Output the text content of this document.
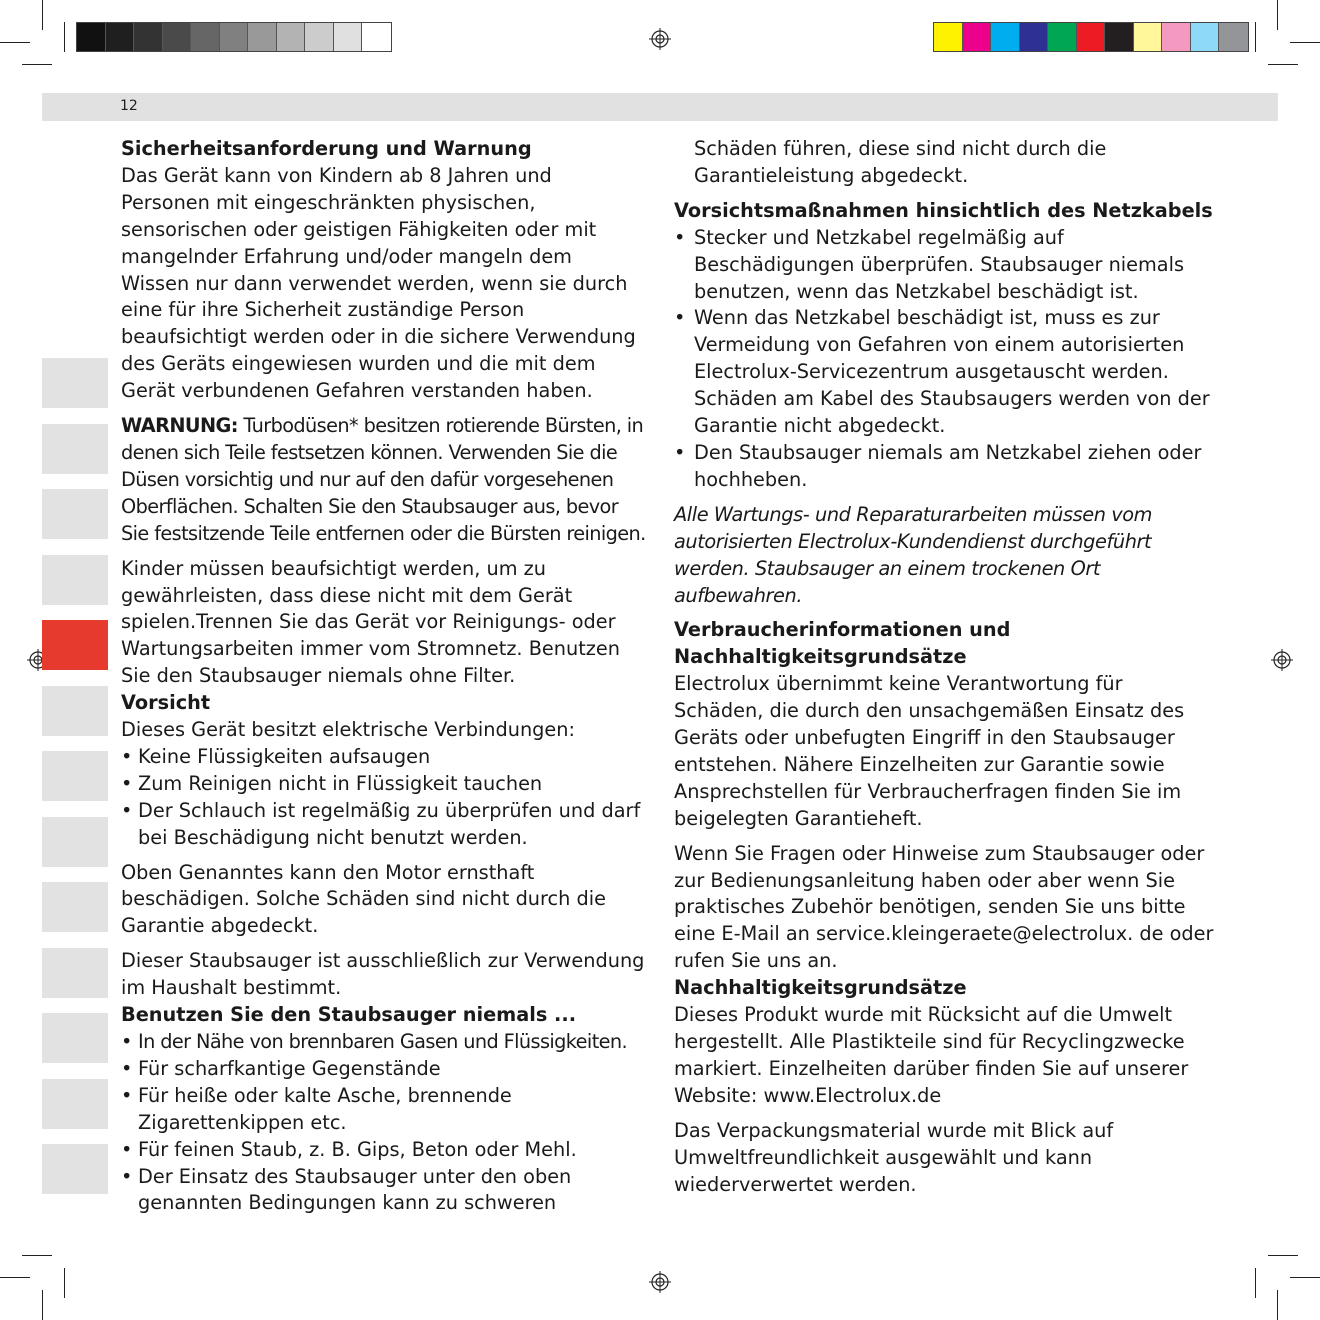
12

Sicherheitsanforderung und Warnung

Das Gerät kann von Kindern ab 8 Jahren und Personen mit eingeschränkten physischen, sensorischen oder geistigen Fähigkeiten oder mit mangelnder Erfahrung und/oder mangeln dem Wissen nur dann verwendet werden, wenn sie durch eine für ihre Sicherheit zuständige Person beaufsichtigt werden oder in die sichere Verwendung des Geräts eingewiesen wurden und die mit dem Gerät verbundenen Gefahren verstanden haben.

WARNUNG: Turbodüsen* besitzen rotierende Bürsten, in denen sich Teile festsetzen können. Verwenden Sie die Düsen vorsichtig und nur auf den dafür vorgesehenen Oberflächen. Schalten Sie den Staubsauger aus, bevor Sie festsitzende Teile entfernen oder die Bürsten reinigen.

Kinder müssen beaufsichtigt werden, um zu gewährleisten, dass diese nicht mit dem Gerät spielen.Trennen Sie das Gerät vor Reinigungs- oder Wartungsarbeiten immer vom Stromnetz. Benutzen Sie den Staubsauger niemals ohne Filter.

Vorsicht

Dieses Gerät besitzt elektrische Verbindungen:

• Keine Flüssigkeiten aufsaugen
• Zum Reinigen nicht in Flüssigkeit tauchen
• Der Schlauch ist regelmäßig zu überprüfen und darf bei Beschädigung nicht benutzt werden.

Oben Genanntes kann den Motor ernsthaft beschädigen. Solche Schäden sind nicht durch die Garantie abgedeckt.

Dieser Staubsauger ist ausschließlich zur Verwendung im Haushalt bestimmt.

Benutzen Sie den Staubsauger niemals ...

• In der Nähe von brennbaren Gasen und Flüssigkeiten.
• Für scharfkantige Gegenstände
• Für heiße oder kalte Asche, brennende Zigarettenkippen etc.
• Für feinen Staub, z. B. Gips, Beton oder Mehl.
• Der Einsatz des Staubsauger unter den oben genannten Bedingungen kann zu schweren

Schäden führen, diese sind nicht durch die Garantieleistung abgedeckt.

Vorsichtsmaßnahmen hinsichtlich des Netzkabels

• Stecker und Netzkabel regelmäßig auf Beschädigungen überprüfen. Staubsauger niemals benutzen, wenn das Netzkabel beschädigt ist.
• Wenn das Netzkabel beschädigt ist, muss es zur Vermeidung von Gefahren von einem autorisierten Electrolux-Servicezentrum ausgetauscht werden. Schäden am Kabel des Staubsaugers werden von der Garantie nicht abgedeckt.
• Den Staubsauger niemals am Netzkabel ziehen oder hochheben.

Alle Wartungs- und Reparaturarbeiten müssen vom autorisierten Electrolux-Kundendienst durchgeführt werden. Staubsauger an einem trockenen Ort aufbewahren.

Verbraucherinformationen und

Nachhaltigkeitsgrundsätze

Electrolux übernimmt keine Verantwortung für Schäden, die durch den unsachgemäßen Einsatz des Geräts oder unbefugten Eingriff in den Staubsauger entstehen. Nähere Einzelheiten zur Garantie sowie Ansprechstellen für Verbraucherfragen finden Sie im beigelegten Garantieheft.

Wenn Sie Fragen oder Hinweise zum Staubsauger oder zur Bedienungsanleitung haben oder aber wenn Sie praktisches Zubehör benötigen, senden Sie uns bitte eine E-Mail an service.kleingeraete@electrolux. de oder rufen Sie uns an.

Nachhaltigkeitsgrundsätze

Dieses Produkt wurde mit Rücksicht auf die Umwelt hergestellt. Alle Plastikteile sind für Recyclingzwecke markiert. Einzelheiten darüber finden Sie auf unserer Website: www.Electrolux.de

Das Verpackungsmaterial wurde mit Blick auf Umweltfreundlichkeit ausgewählt und kann wiederverwertet werden.
